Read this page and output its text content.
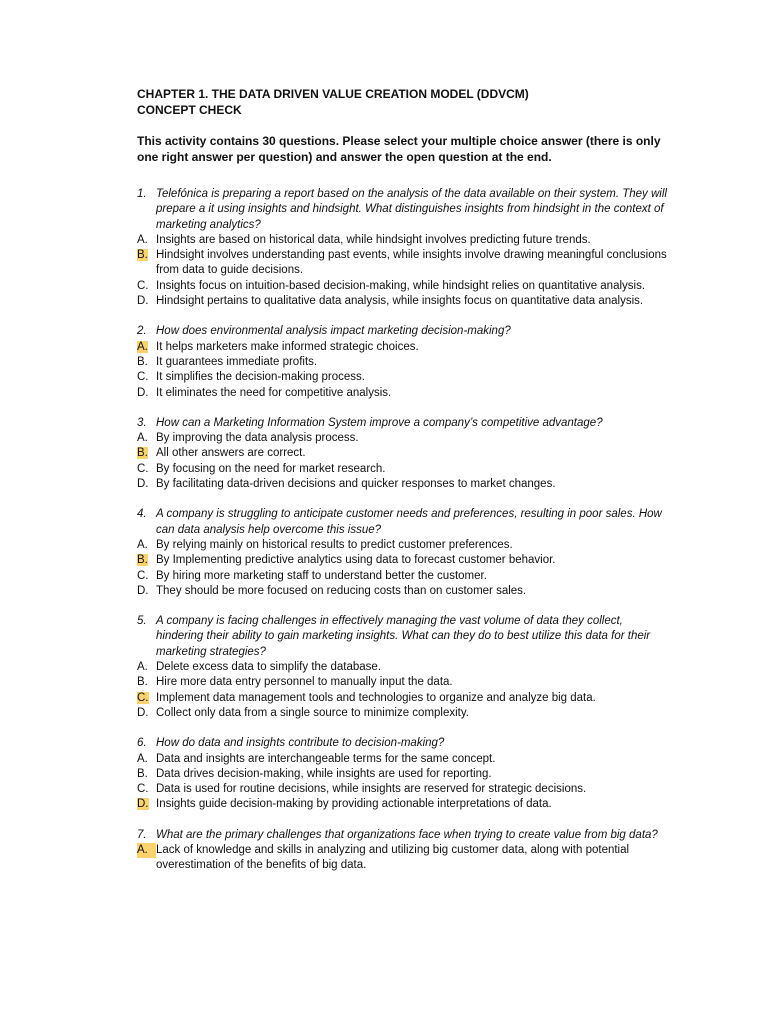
CHAPTER 1. THE DATA DRIVEN VALUE CREATION MODEL (DDVCM)
CONCEPT CHECK
This activity contains 30 questions. Please select your multiple choice answer (there is only one right answer per question) and answer the open question at the end.
1. Telefónica is preparing a report based on the analysis of the data available on their system. They will prepare a it using insights and hindsight. What distinguishes insights from hindsight in the context of marketing analytics?
A. Insights are based on historical data, while hindsight involves predicting future trends.
B. Hindsight involves understanding past events, while insights involve drawing meaningful conclusions from data to guide decisions.
C. Insights focus on intuition-based decision-making, while hindsight relies on quantitative analysis.
D. Hindsight pertains to qualitative data analysis, while insights focus on quantitative data analysis.
2. How does environmental analysis impact marketing decision-making?
A. It helps marketers make informed strategic choices.
B. It guarantees immediate profits.
C. It simplifies the decision-making process.
D. It eliminates the need for competitive analysis.
3. How can a Marketing Information System improve a company’s competitive advantage?
A. By improving the data analysis process.
B. All other answers are correct.
C. By focusing on the need for market research.
D. By facilitating data-driven decisions and quicker responses to market changes.
4. A company is struggling to anticipate customer needs and preferences, resulting in poor sales. How can data analysis help overcome this issue?
A. By relying mainly on historical results to predict customer preferences.
B. By Implementing predictive analytics using data to forecast customer behavior.
C. By hiring more marketing staff to understand better the customer.
D. They should be more focused on reducing costs than on customer sales.
5. A company is facing challenges in effectively managing the vast volume of data they collect, hindering their ability to gain marketing insights. What can they do to best utilize this data for their marketing strategies?
A. Delete excess data to simplify the database.
B. Hire more data entry personnel to manually input the data.
C. Implement data management tools and technologies to organize and analyze big data.
D. Collect only data from a single source to minimize complexity.
6. How do data and insights contribute to decision-making?
A. Data and insights are interchangeable terms for the same concept.
B. Data drives decision-making, while insights are used for reporting.
C. Data is used for routine decisions, while insights are reserved for strategic decisions.
D. Insights guide decision-making by providing actionable interpretations of data.
7. What are the primary challenges that organizations face when trying to create value from big data?
A. Lack of knowledge and skills in analyzing and utilizing big customer data, along with potential overestimation of the benefits of big data.
